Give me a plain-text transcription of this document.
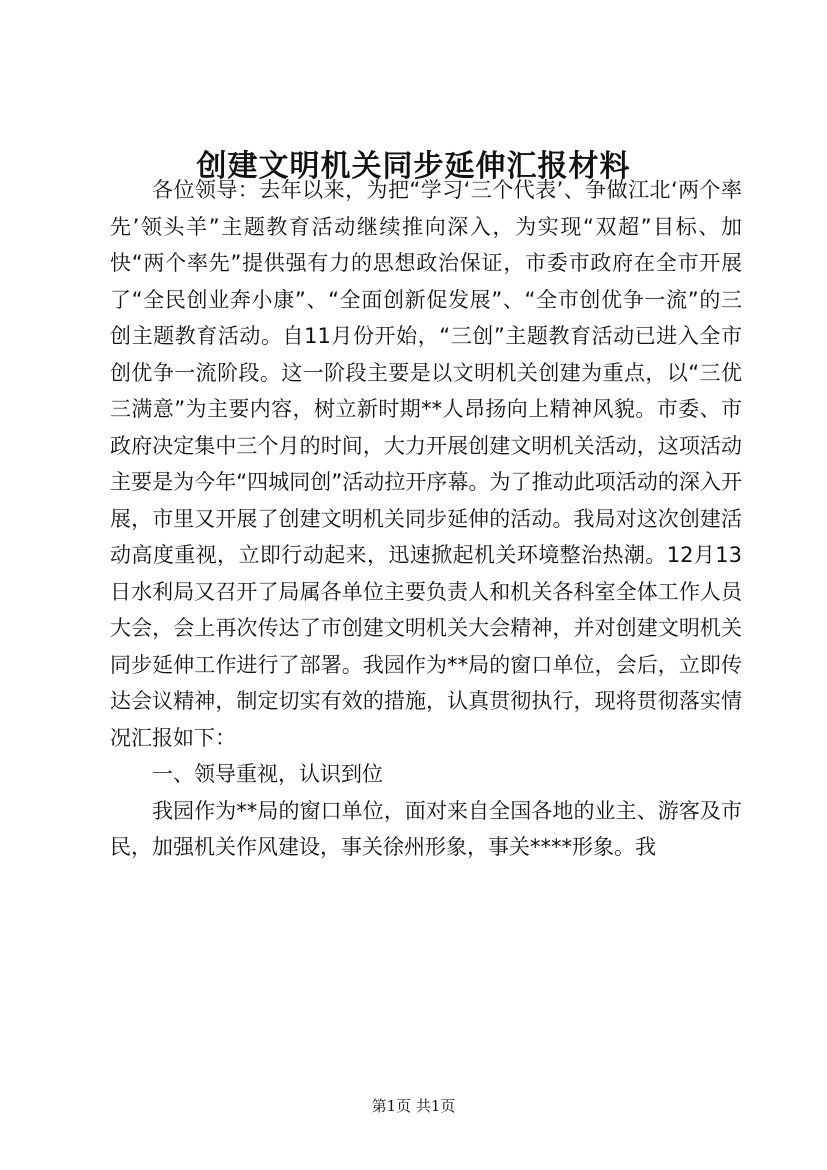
创建文明机关同步延伸汇报材料

各位领导：去年以来，为把“学习‘三个代表’、争做江北‘两个率先’领头羊”主题教育活动继续推向深入，为实现“双超”目标、加快“两个率先”提供强有力的思想政治保证，市委市政府在全市开展了“全民创业奔小康”、“全面创新促发展”、“全市创优争一流”的三创主题教育活动。自11月份开始，“三创”主题教育活动已进入全市创优争一流阶段。这一阶段主要是以文明机关创建为重点，以“三优三满意”为主要内容，树立新时期**人昂扬向上精神风貌。市委、市政府决定集中三个月的时间，大力开展创建文明机关活动，这项活动主要是为今年“四城同创”活动拉开序幕。为了推动此项活动的深入开展，市里又开展了创建文明机关同步延伸的活动。我局对这次创建活动高度重视，立即行动起来，迅速掀起机关环境整治热潮。12月13日水利局又召开了局属各单位主要负责人和机关各科室全体工作人员大会，会上再次传达了市创建文明机关大会精神，并对创建文明机关同步延伸工作进行了部署。我园作为**局的窗口单位，会后，立即传达会议精神，制定切实有效的措施，认真贯彻执行，现将贯彻落实情况汇报如下：

一、领导重视，认识到位

我园作为**局的窗口单位，面对来自全国各地的业主、游客及市民，加强机关作风建设，事关徐州形象，事关****形象。我

第1页 共1页
